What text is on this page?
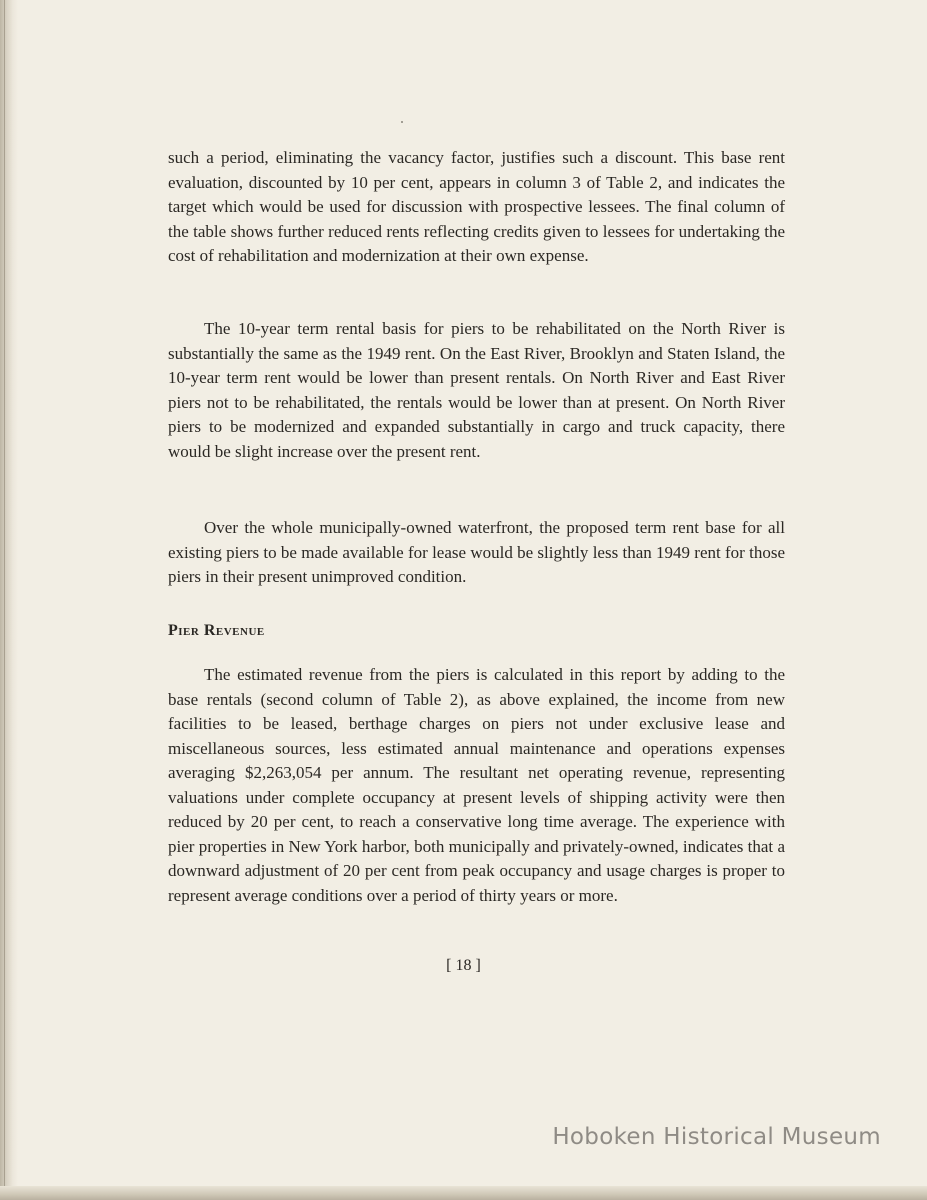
such a period, eliminating the vacancy factor, justifies such a discount. This base rent evaluation, discounted by 10 per cent, appears in column 3 of Table 2, and indicates the target which would be used for discussion with prospective lessees. The final column of the table shows further reduced rents reflecting credits given to lessees for undertaking the cost of rehabilitation and modernization at their own expense.

The 10-year term rental basis for piers to be rehabilitated on the North River is substantially the same as the 1949 rent. On the East River, Brooklyn and Staten Island, the 10-year term rent would be lower than present rentals. On North River and East River piers not to be rehabilitated, the rentals would be lower than at present. On North River piers to be modernized and expanded substantially in cargo and truck capacity, there would be slight increase over the present rent.

Over the whole municipally-owned waterfront, the proposed term rent base for all existing piers to be made available for lease would be slightly less than 1949 rent for those piers in their present unimproved condition.

Pier Revenue

The estimated revenue from the piers is calculated in this report by adding to the base rentals (second column of Table 2), as above explained, the income from new facilities to be leased, berthage charges on piers not under exclusive lease and miscellaneous sources, less estimated annual maintenance and operations expenses averaging $2,263,054 per annum. The resultant net operating revenue, representing valuations under complete occupancy at present levels of shipping activity were then reduced by 20 per cent, to reach a conservative long time average. The experience with pier properties in New York harbor, both municipally and privately-owned, indicates that a downward adjustment of 20 per cent from peak occupancy and usage charges is proper to represent average conditions over a period of thirty years or more.

[ 18 ]
Hoboken Historical Museum
